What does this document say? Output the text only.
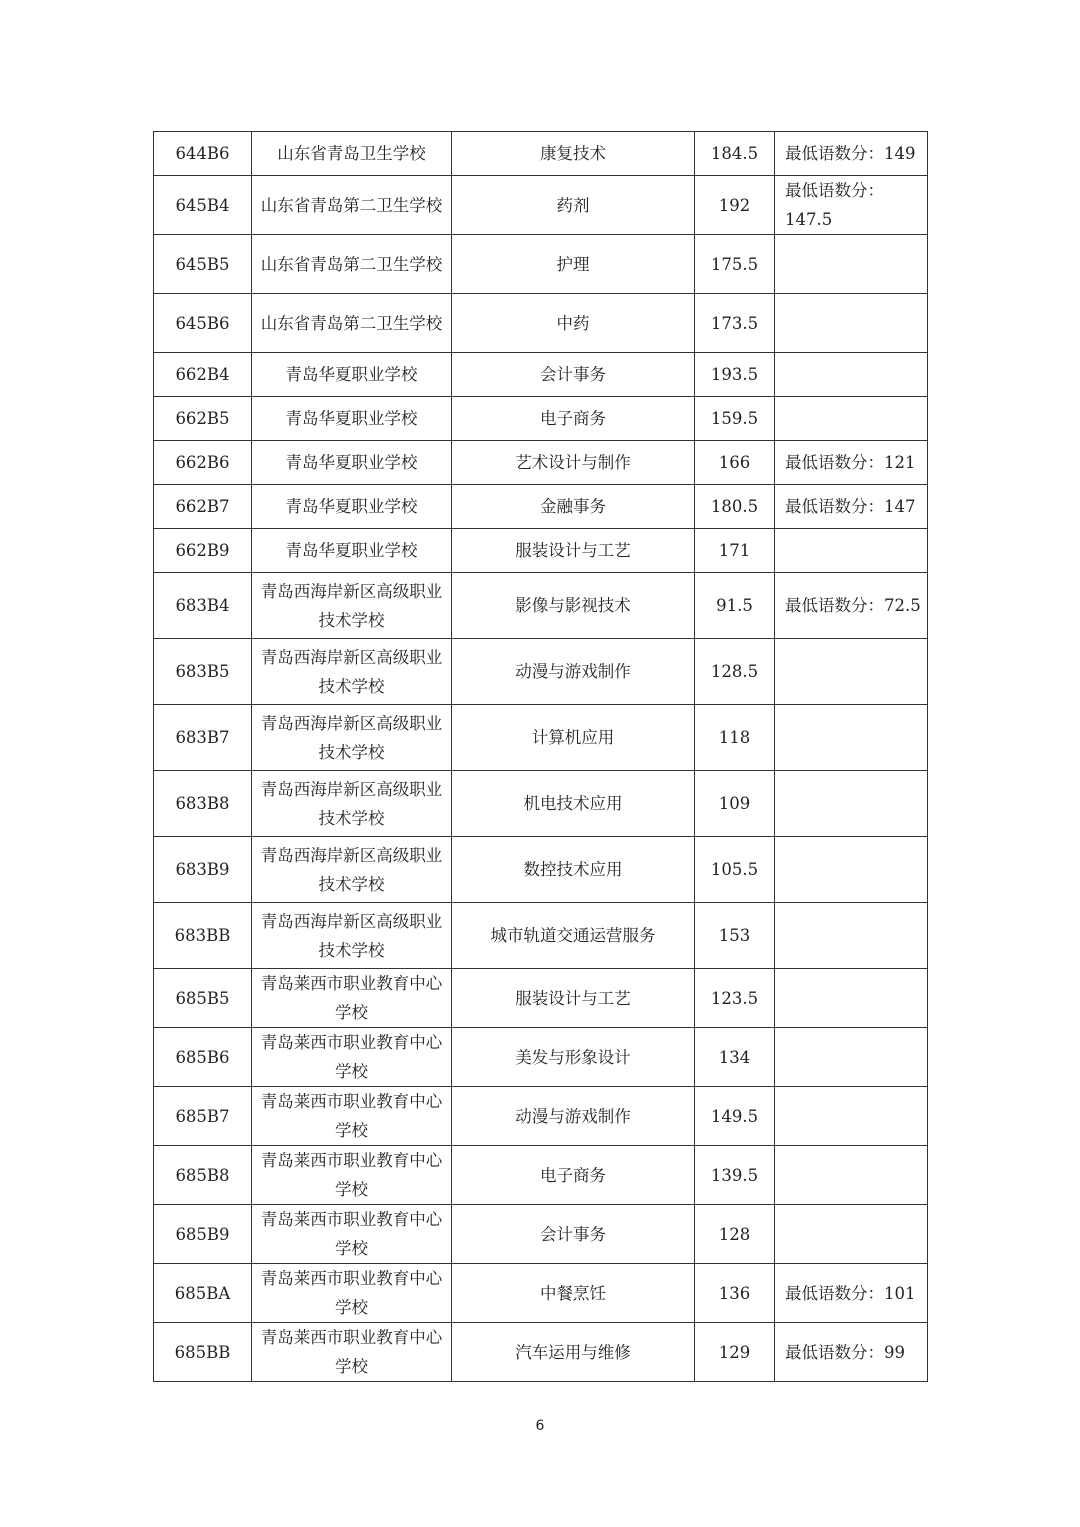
644B6	山东省青岛卫生学校	康复技术	184.5	最低语数分：149
645B4	山东省青岛第二卫生学校	药剂	192	最低语数分：147.5
645B5	山东省青岛第二卫生学校	护理	175.5	
645B6	山东省青岛第二卫生学校	中药	173.5	
662B4	青岛华夏职业学校	会计事务	193.5	
662B5	青岛华夏职业学校	电子商务	159.5	
662B6	青岛华夏职业学校	艺术设计与制作	166	最低语数分：121
662B7	青岛华夏职业学校	金融事务	180.5	最低语数分：147
662B9	青岛华夏职业学校	服装设计与工艺	171	
683B4	青岛西海岸新区高级职业技术学校	影像与影视技术	91.5	最低语数分：72.5
683B5	青岛西海岸新区高级职业技术学校	动漫与游戏制作	128.5	
683B7	青岛西海岸新区高级职业技术学校	计算机应用	118	
683B8	青岛西海岸新区高级职业技术学校	机电技术应用	109	
683B9	青岛西海岸新区高级职业技术学校	数控技术应用	105.5	
683BB	青岛西海岸新区高级职业技术学校	城市轨道交通运营服务	153	
685B5	青岛莱西市职业教育中心学校	服装设计与工艺	123.5	
685B6	青岛莱西市职业教育中心学校	美发与形象设计	134	
685B7	青岛莱西市职业教育中心学校	动漫与游戏制作	149.5	
685B8	青岛莱西市职业教育中心学校	电子商务	139.5	
685B9	青岛莱西市职业教育中心学校	会计事务	128	
685BA	青岛莱西市职业教育中心学校	中餐烹饪	136	最低语数分：101
685BB	青岛莱西市职业教育中心学校	汽车运用与维修	129	最低语数分：99
6
